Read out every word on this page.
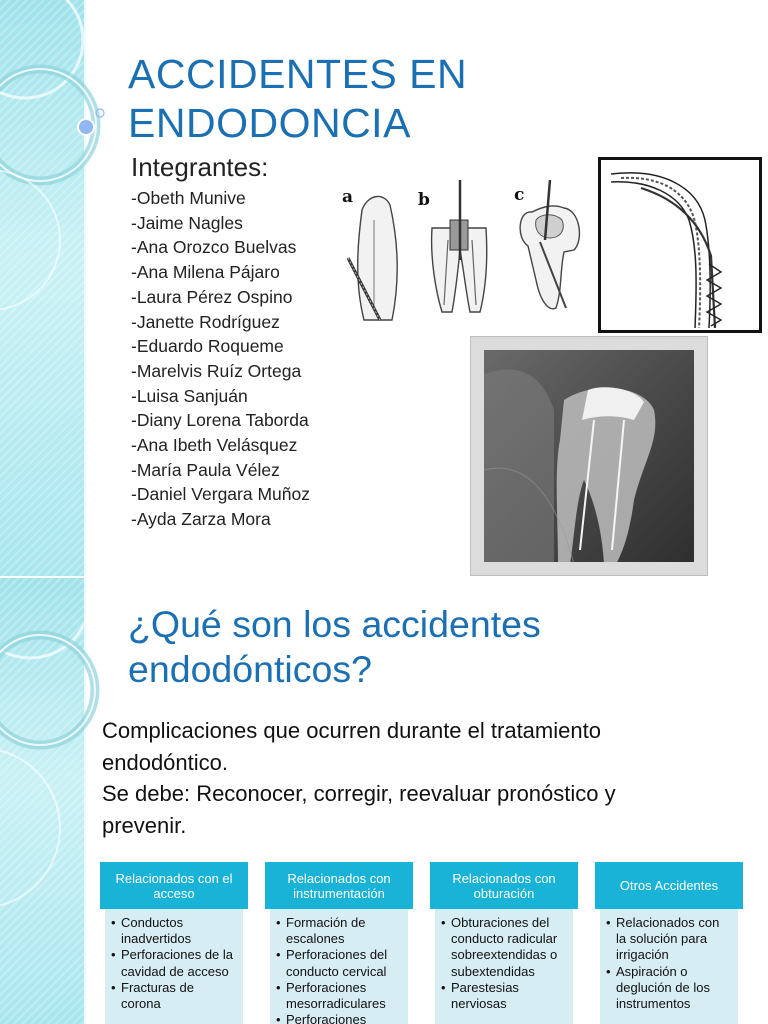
ACCIDENTES EN
ENDODONCIA
Integrantes:
-Obeth Munive
-Jaime Nagles
-Ana Orozco Buelvas
-Ana Milena Pájaro
-Laura Pérez Ospino
-Janette Rodríguez
-Eduardo Roqueme
-Marelvis Ruíz Ortega
-Luisa Sanjuán
-Diany Lorena Taborda
-Ana Ibeth Velásquez
-María Paula Vélez
-Daniel Vergara Muñoz
-Ayda Zarza Mora
a	b	c
¿Qué son los accidentes
endodónticos?

Complicaciones que ocurren durante el tratamiento

endodóntico.

Se debe: Reconocer, corregir, reevaluar pronóstico y

prevenir.

Relacionados con el acceso
• Conductos inadvertidos
• Perforaciones de la cavidad de acceso
• Fracturas de corona
Relacionados con instrumentación
• Formación de escalones
• Perforaciones del conducto cervical
• Perforaciones mesorradiculares
• Perforaciones
Relacionados con obturación
• Obturaciones del conducto radicular sobreextendidas o subextendidas
• Parestesias nerviosas
Otros Accidentes
• Relacionados con la solución para irrigación
• Aspiración o deglución de los instrumentos
